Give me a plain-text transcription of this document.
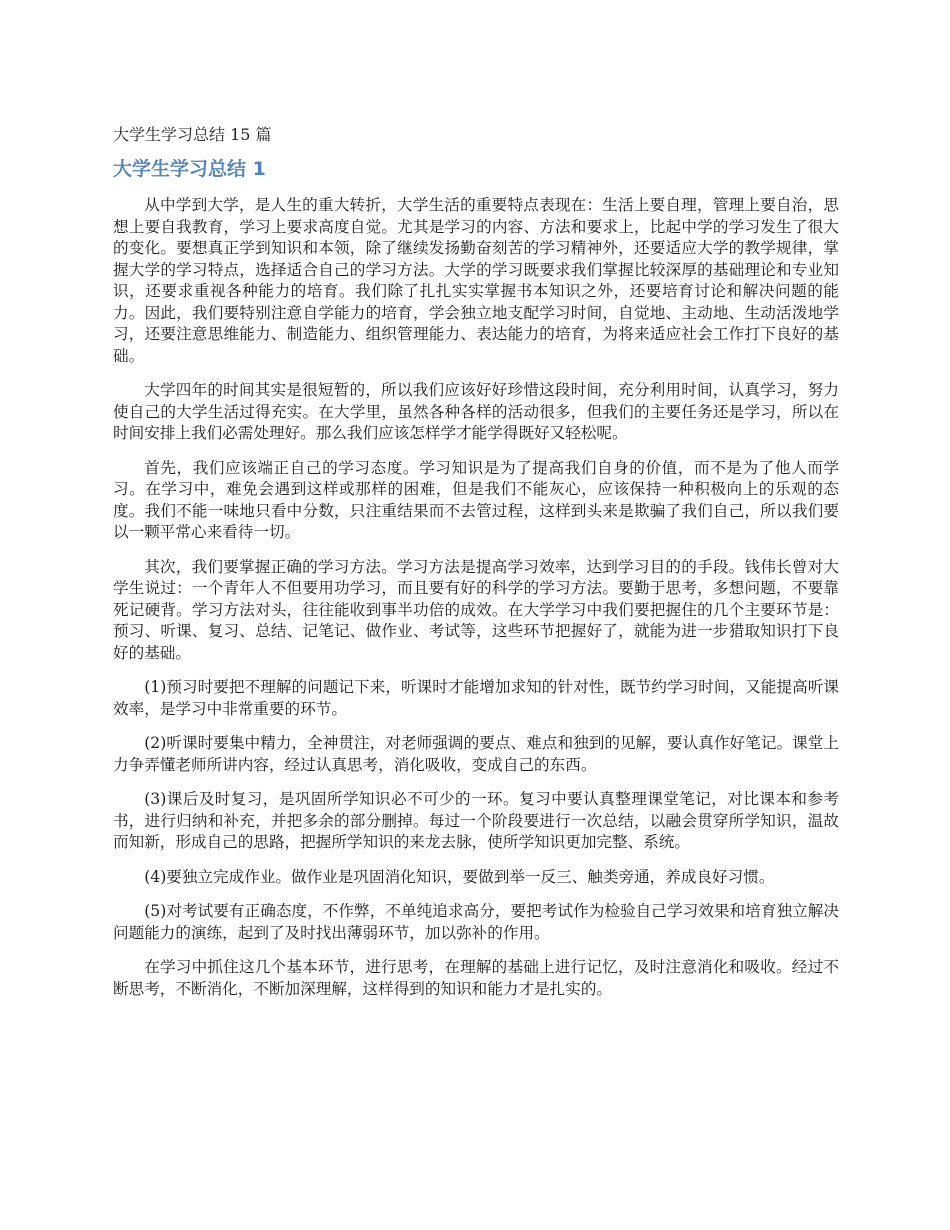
大学生学习总结 15 篇
大学生学习总结 1

从中学到大学，是人生的重大转折，大学生活的重要特点表现在：生活上要自理，管理上要自治，思想上要自我教育，学习上要求高度自觉。尤其是学习的内容、方法和要求上，比起中学的学习发生了很大的变化。要想真正学到知识和本领，除了继续发扬勤奋刻苦的学习精神外，还要适应大学的教学规律，掌握大学的学习特点，选择适合自己的学习方法。大学的学习既要求我们掌握比较深厚的基础理论和专业知识，还要求重视各种能力的培育。我们除了扎扎实实掌握书本知识之外，还要培育讨论和解决问题的能力。因此，我们要特别注意自学能力的培育，学会独立地支配学习时间，自觉地、主动地、生动活泼地学习，还要注意思维能力、制造能力、组织管理能力、表达能力的培育，为将来适应社会工作打下良好的基础。

大学四年的时间其实是很短暂的，所以我们应该好好珍惜这段时间，充分利用时间，认真学习，努力使自己的大学生活过得充实。在大学里，虽然各种各样的活动很多，但我们的主要任务还是学习，所以在时间安排上我们必需处理好。那么我们应该怎样学才能学得既好又轻松呢。

首先，我们应该端正自己的学习态度。学习知识是为了提高我们自身的价值，而不是为了他人而学习。在学习中，难免会遇到这样或那样的困难，但是我们不能灰心，应该保持一种积极向上的乐观的态度。我们不能一味地只看中分数，只注重结果而不去管过程，这样到头来是欺骗了我们自己，所以我们要以一颗平常心来看待一切。

其次，我们要掌握正确的学习方法。学习方法是提高学习效率，达到学习目的的手段。钱伟长曾对大学生说过：一个青年人不但要用功学习，而且要有好的科学的学习方法。要勤于思考，多想问题，不要靠死记硬背。学习方法对头，往往能收到事半功倍的成效。在大学学习中我们要把握住的几个主要环节是：预习、听课、复习、总结、记笔记、做作业、考试等，这些环节把握好了，就能为进一步猎取知识打下良好的基础。

(1)预习时要把不理解的问题记下来，听课时才能增加求知的针对性，既节约学习时间，又能提高听课效率，是学习中非常重要的环节。

(2)听课时要集中精力，全神贯注，对老师强调的要点、难点和独到的见解，要认真作好笔记。课堂上力争弄懂老师所讲内容，经过认真思考，消化吸收，变成自己的东西。

(3)课后及时复习，是巩固所学知识必不可少的一环。复习中要认真整理课堂笔记，对比课本和参考书，进行归纳和补充，并把多余的部分删掉。每过一个阶段要进行一次总结，以融会贯穿所学知识，温故而知新，形成自己的思路，把握所学知识的来龙去脉，使所学知识更加完整、系统。

(4)要独立完成作业。做作业是巩固消化知识，要做到举一反三、触类旁通，养成良好习惯。

(5)对考试要有正确态度，不作弊，不单纯追求高分，要把考试作为检验自己学习效果和培育独立解决问题能力的演练，起到了及时找出薄弱环节，加以弥补的作用。

在学习中抓住这几个基本环节，进行思考，在理解的基础上进行记忆，及时注意消化和吸收。经过不断思考，不断消化，不断加深理解，这样得到的知识和能力才是扎实的。
